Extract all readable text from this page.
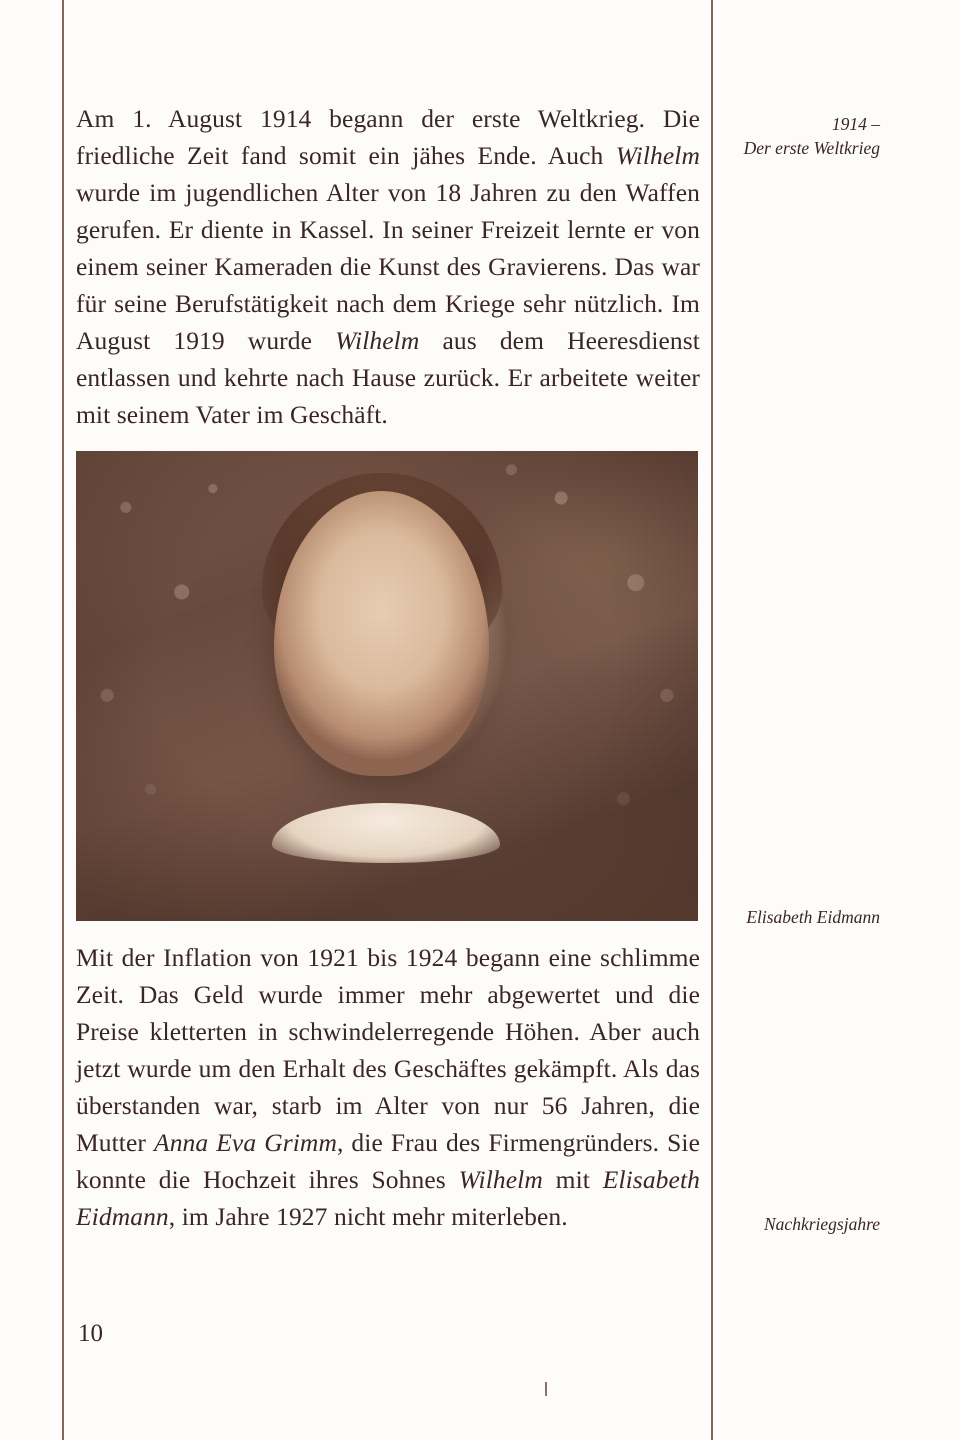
Am 1. August 1914 begann der erste Weltkrieg. Die friedliche Zeit fand somit ein jähes Ende. Auch Wilhelm wurde im jugendlichen Alter von 18 Jahren zu den Waffen gerufen. Er diente in Kassel. In seiner Freizeit lernte er von einem seiner Kameraden die Kunst des Gravierens. Das war für seine Berufstätigkeit nach dem Kriege sehr nützlich. Im August 1919 wurde Wilhelm aus dem Heeresdienst entlassen und kehrte nach Hause zurück. Er arbeitete weiter mit seinem Vater im Geschäft.

Mit der Inflation von 1921 bis 1924 begann eine schlimme Zeit. Das Geld wurde immer mehr abgewertet und die Preise kletterten in schwindelerregende Höhen. Aber auch jetzt wurde um den Erhalt des Geschäftes gekämpft. Als das überstanden war, starb im Alter von nur 56 Jahren, die Mutter Anna Eva Grimm, die Frau des Firmengründers. Sie konnte die Hochzeit ihres Sohnes Wilhelm mit Elisabeth Eidmann, im Jahre 1927 nicht mehr miterleben.

1914 –
Der erste Weltkrieg
Elisabeth Eidmann
Nachkriegsjahre
10
